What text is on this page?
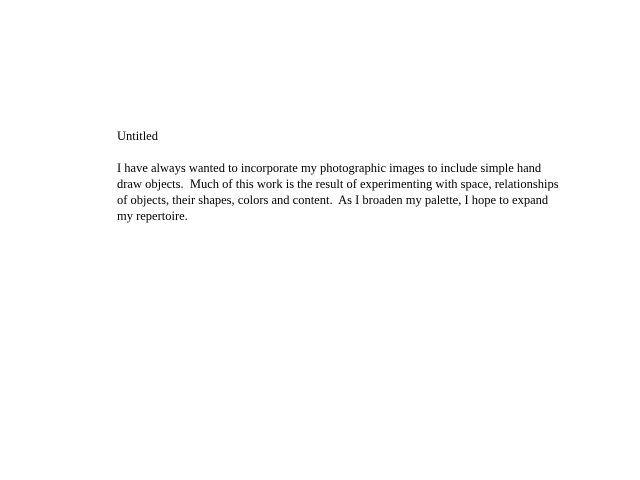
Untitled
I have always wanted to incorporate my photographic images to include simple hand
draw objects.  Much of this work is the result of experimenting with space, relationships
of objects, their shapes, colors and content.  As I broaden my palette, I hope to expand
my repertoire.
